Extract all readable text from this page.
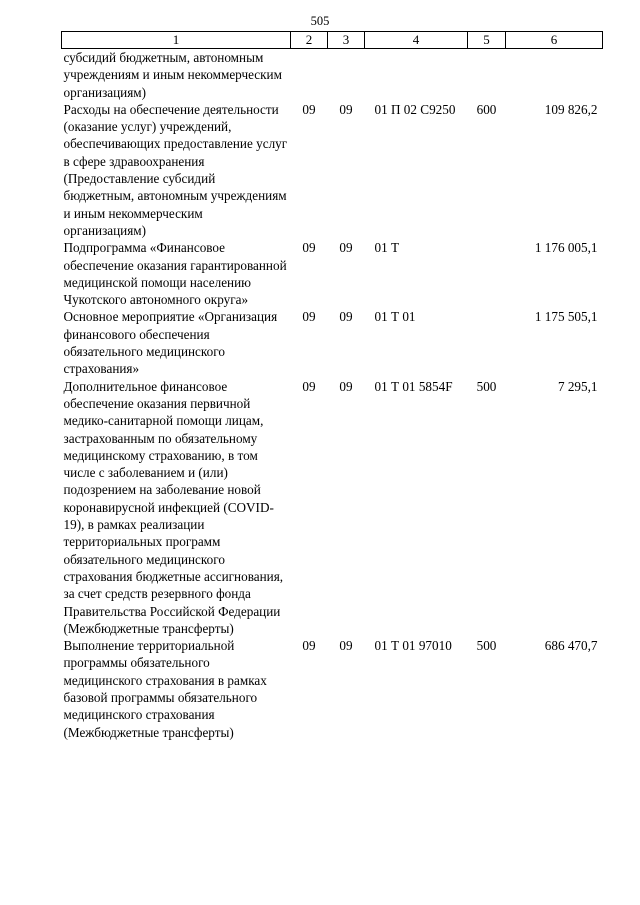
505
1	2	3	4	5	6
субсидий бюджетным, автономным учреждениям и иным некоммерческим организациям)					
Расходы на обеспечение деятельности (оказание услуг) учреждений, обеспечивающих предоставление услуг в сфере здравоохранения (Предоставление субсидий бюджетным, автономным учреждениям и иным некоммерческим организациям)	09	09	01 П 02 С9250	600	109 826,2
Подпрограмма «Финансовое обеспечение оказания гарантированной медицинской помощи населению Чукотского автономного округа»	09	09	01 Т		1 176 005,1
Основное мероприятие «Организация финансового обеспечения обязательного медицинского страхования»	09	09	01 Т 01		1 175 505,1
Дополнительное финансовое обеспечение оказания первичной медико-санитарной помощи лицам, застрахованным по обязательному медицинскому страхованию, в том числе с заболеванием и (или) подозрением на заболевание новой коронавирусной инфекцией (COVID-19), в рамках реализации территориальных программ обязательного медицинского страхования бюджетные ассигнования, за счет средств резервного фонда Правительства Российской Федерации (Межбюджетные трансферты)	09	09	01 Т 01 5854F	500	7 295,1
Выполнение территориальной программы обязательного медицинского страхования в рамках базовой программы обязательного медицинского страхования (Межбюджетные трансферты)	09	09	01 Т 01 97010	500	686 470,7
